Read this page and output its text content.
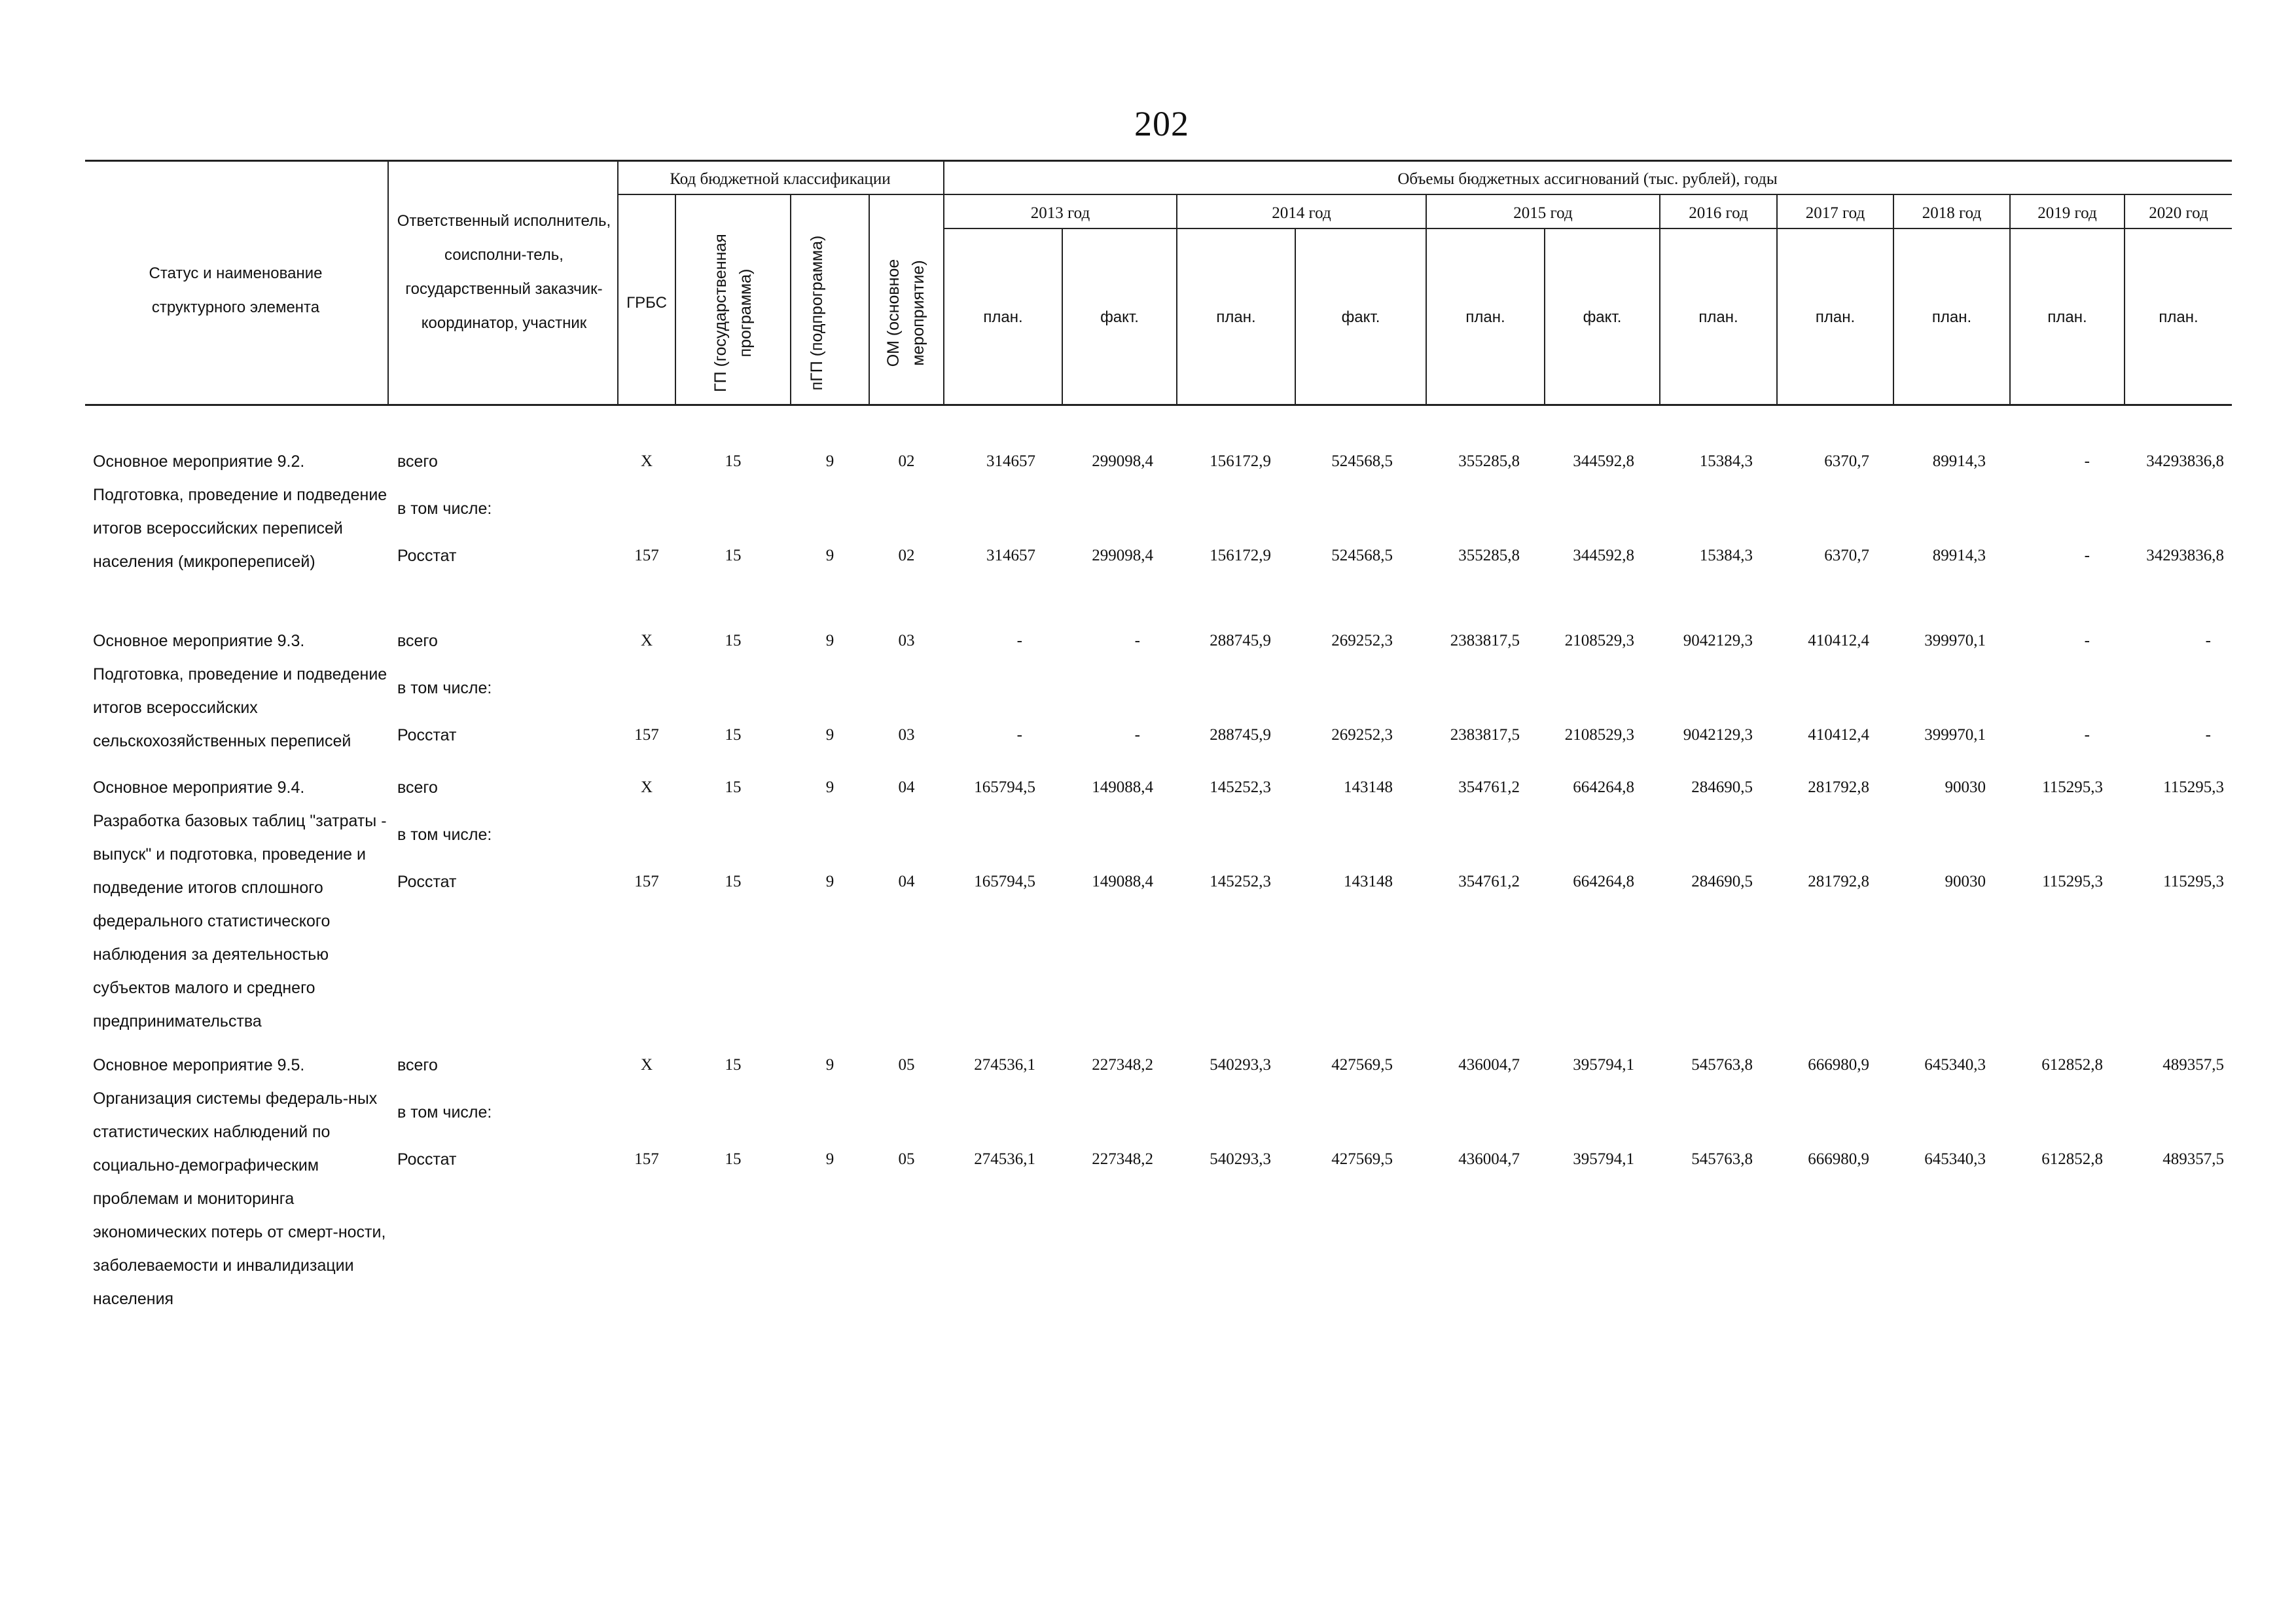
202
Статус и наименование структурного элемента
Ответственный исполнитель, соисполни-тель, государственный заказчик-координатор, участник
Код бюджетной классификации	Объемы бюджетных ассигнований (тыс. рублей), годы
ГРБС	ГП (государственная программа)	пГП (подпрограмма)	ОМ (основное мероприятие)
2013 год	2014 год	2015 год	2016 год	2017 год	2018 год	2019 год	2020 год
план.	факт.	план.	факт.	план.	факт.	план.	план.	план.	план.	план.
Основное мероприятие 9.2. Подготовка, проведение и подведение итогов всероссийских переписей населения (микропереписей)
всего	X	15	9	02	314657	299098,4	156172,9	524568,5	355285,8	344592,8	15384,3	6370,7	89914,3	-	34293836,8
в том числе:
Росстат	157	15	9	02	314657	299098,4	156172,9	524568,5	355285,8	344592,8	15384,3	6370,7	89914,3	-	34293836,8
Основное мероприятие 9.3. Подготовка, проведение и подведение итогов всероссийских сельскохозяйственных переписей
всего	X	15	9	03	-	-	288745,9	269252,3	2383817,5	2108529,3	9042129,3	410412,4	399970,1	-	-
в том числе:
Росстат	157	15	9	03	-	-	288745,9	269252,3	2383817,5	2108529,3	9042129,3	410412,4	399970,1	-	-
Основное мероприятие 9.4. Разработка базовых таблиц "затраты - выпуск" и подготовка, проведение и подведение итогов сплошного федерального статистического наблюдения за деятельностью субъектов малого и среднего предпринимательства
всего	X	15	9	04	165794,5	149088,4	145252,3	143148	354761,2	664264,8	284690,5	281792,8	90030	115295,3	115295,3
в том числе:
Росстат	157	15	9	04	165794,5	149088,4	145252,3	143148	354761,2	664264,8	284690,5	281792,8	90030	115295,3	115295,3
Основное мероприятие 9.5. Организация системы федераль-ных статистических наблюдений по социально-демографическим проблемам и мониторинга экономических потерь от смерт-ности, заболеваемости и инвалидизации населения
всего	X	15	9	05	274536,1	227348,2	540293,3	427569,5	436004,7	395794,1	545763,8	666980,9	645340,3	612852,8	489357,5
в том числе:
Росстат	157	15	9	05	274536,1	227348,2	540293,3	427569,5	436004,7	395794,1	545763,8	666980,9	645340,3	612852,8	489357,5
